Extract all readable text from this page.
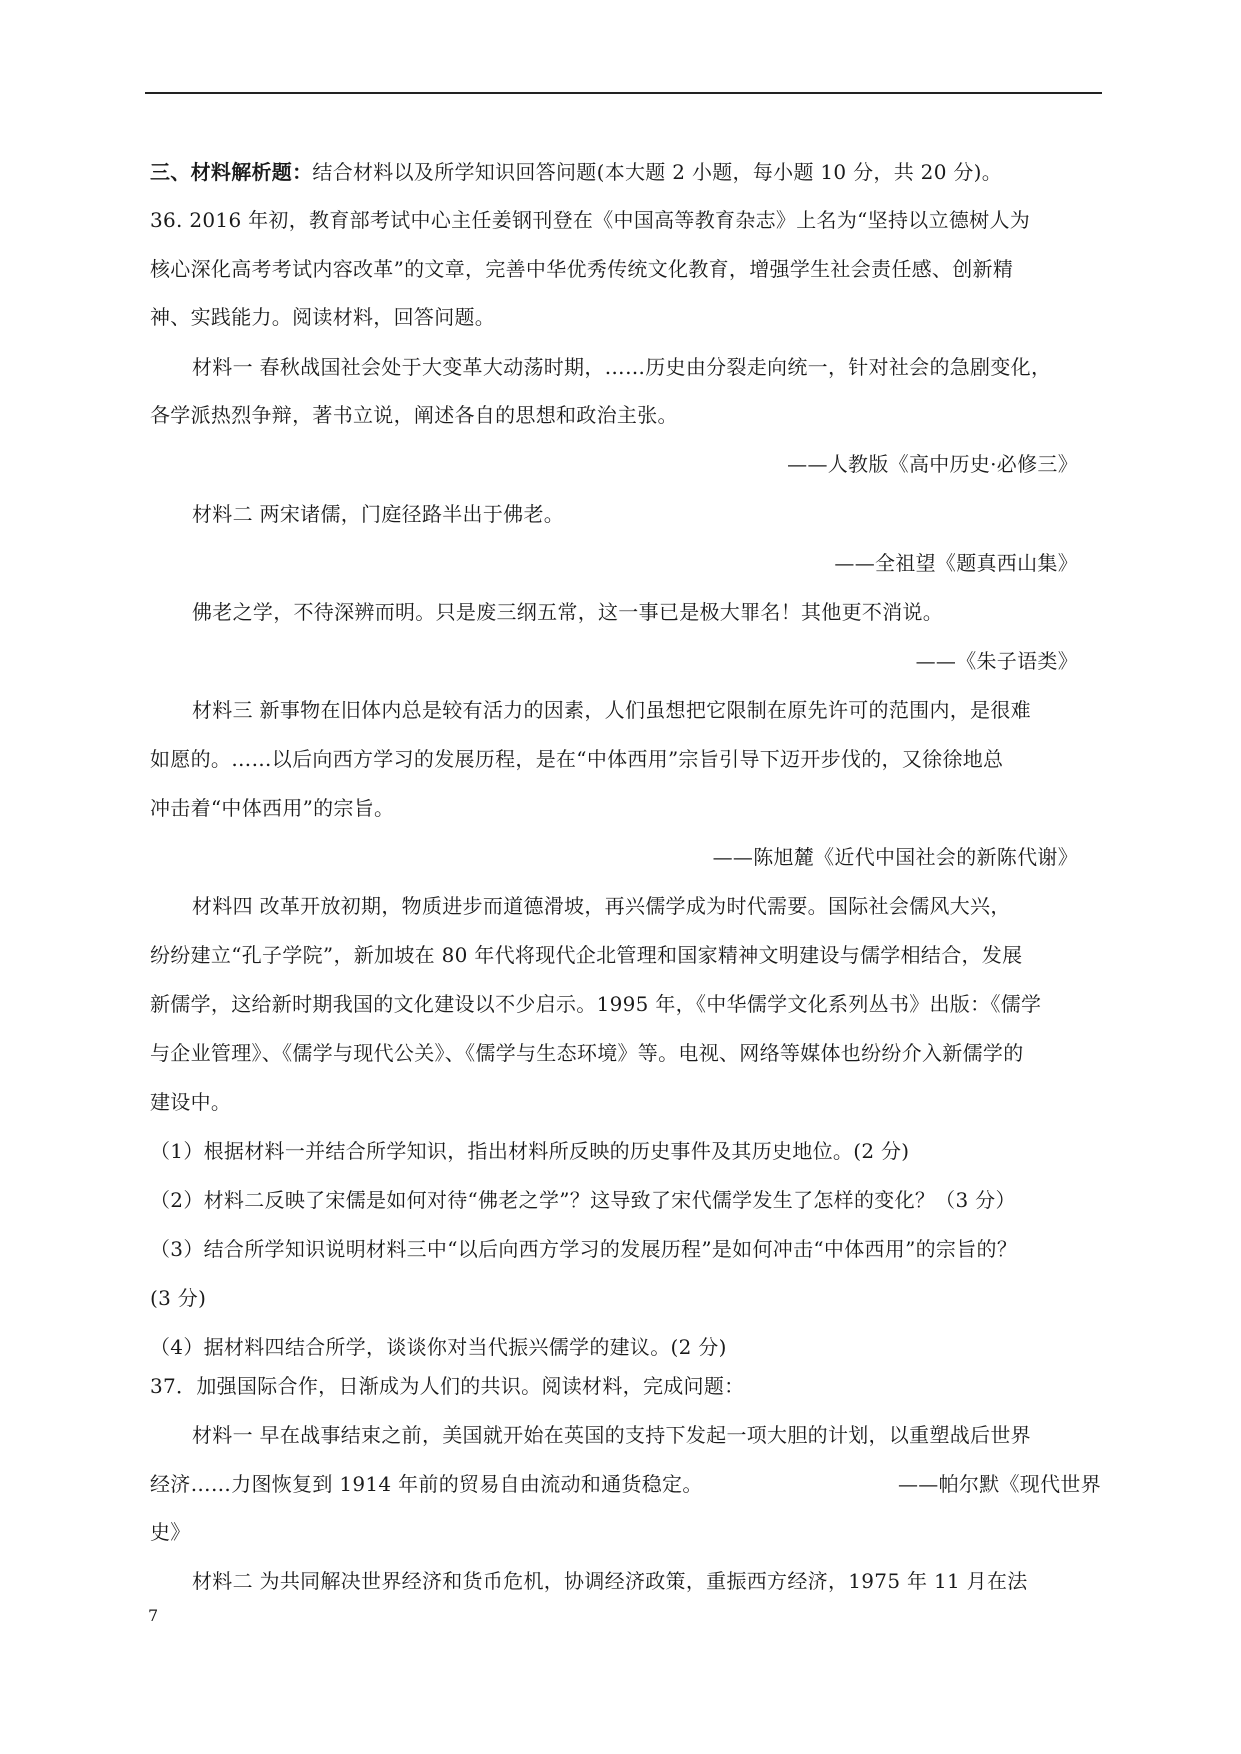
三、材料解析题：结合材料以及所学知识回答问题(本大题 2 小题，每小题 10 分，共 20 分)。
36. 2016 年初，教育部考试中心主任姜钢刊登在《中国高等教育杂志》上名为“坚持以立德树人为
核心深化高考考试内容改革”的文章，完善中华优秀传统文化教育，增强学生社会责任感、创新精
神、实践能力。阅读材料，回答问题。
材料一 春秋战国社会处于大变革大动荡时期，……历史由分裂走向统一，针对社会的急剧变化，
各学派热烈争辩，著书立说，阐述各自的思想和政治主张。
——人教版《高中历史·必修三》
材料二 两宋诸儒，门庭径路半出于佛老。
——全祖望《题真西山集》
佛老之学，不待深辨而明。只是废三纲五常，这一事已是极大罪名！其他更不消说。
——《朱子语类》
材料三 新事物在旧体内总是较有活力的因素，人们虽想把它限制在原先许可的范围内，是很难
如愿的。……以后向西方学习的发展历程，是在“中体西用”宗旨引导下迈开步伐的，又徐徐地总
冲击着“中体西用”的宗旨。
——陈旭麓《近代中国社会的新陈代谢》
材料四 改革开放初期，物质进步而道德滑坡，再兴儒学成为时代需要。国际社会儒风大兴，
纷纷建立“孔子学院”，新加坡在 80 年代将现代企北管理和国家精神文明建设与儒学相结合，发展
新儒学，这给新时期我国的文化建设以不少启示。1995 年，《中华儒学文化系列丛书》出版：《儒学
与企业管理》、《儒学与现代公关》、《儒学与生态环境》等。电视、网络等媒体也纷纷介入新儒学的
建设中。
（1）根据材料一并结合所学知识，指出材料所反映的历史事件及其历史地位。(2 分)
（2）材料二反映了宋儒是如何对待“佛老之学”？这导致了宋代儒学发生了怎样的变化？（3 分）
（3）结合所学知识说明材料三中“以后向西方学习的发展历程”是如何冲击“中体西用”的宗旨的？
(3 分)
（4）据材料四结合所学，谈谈你对当代振兴儒学的建议。(2 分)
37．加强国际合作，日渐成为人们的共识。阅读材料，完成问题：
材料一 早在战事结束之前，美国就开始在英国的支持下发起一项大胆的计划，以重塑战后世界
经济……力图恢复到 1914 年前的贸易自由流动和通货稳定。	——帕尔默《现代世界
史》
材料二 为共同解决世界经济和货币危机，协调经济政策，重振西方经济，1975 年 11 月在法
7
